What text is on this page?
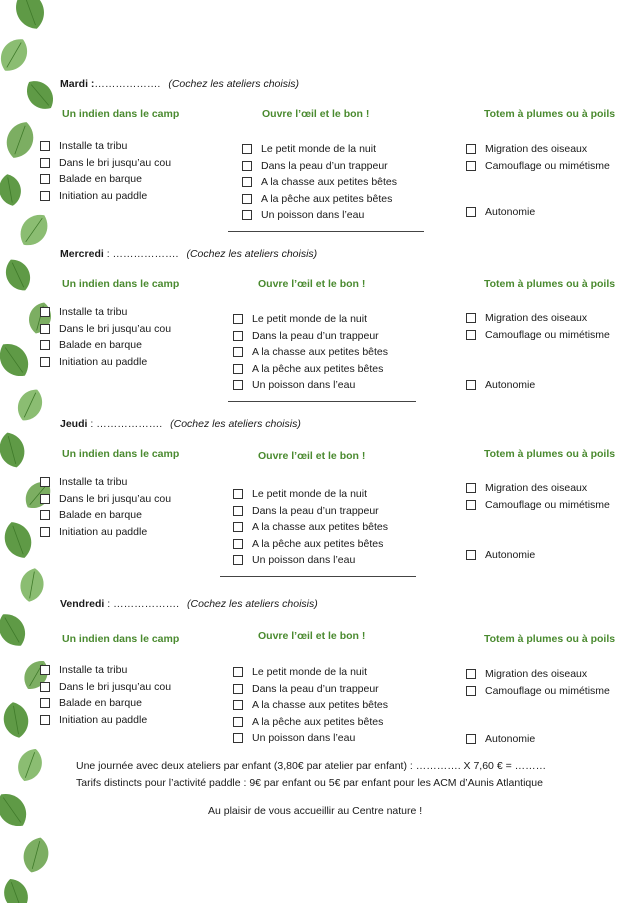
Mardi :………………. (Cochez les ateliers choisis)
Un indien dans le camp	Ouvre l’œil et le bon !	Totem à plumes ou à poils
Installe ta tribu
Dans le bri jusqu’au cou
Balade en barque
Initiation au paddle
Le petit monde de la nuit
Dans la peau d’un trappeur
A la chasse aux petites bêtes
A la pêche aux petites bêtes
Un poisson dans l’eau
Migration des oiseaux
Camouflage ou mimétisme
Autonomie
Mercredi : ………………. (Cochez les ateliers choisis)
Un indien dans le camp	Ouvre l’œil et le bon !	Totem à plumes ou à poils
Installe ta tribu
Dans le bri jusqu’au cou
Balade en barque
Initiation au paddle
Le petit monde de la nuit
Dans la peau d’un trappeur
A la chasse aux petites bêtes
A la pêche aux petites bêtes
Un poisson dans l’eau
Migration des oiseaux
Camouflage ou mimétisme
Autonomie
Jeudi : ………………. (Cochez les ateliers choisis)
Un indien dans le camp	Ouvre l’œil et le bon !	Totem à plumes ou à poils
Installe ta tribu
Dans le bri jusqu’au cou
Balade en barque
Initiation au paddle
Le petit monde de la nuit
Dans la peau d’un trappeur
A la chasse aux petites bêtes
A la pêche aux petites bêtes
Un poisson dans l’eau
Migration des oiseaux
Camouflage ou mimétisme
Autonomie
Vendredi : ………………. (Cochez les ateliers choisis)
Un indien dans le camp	Ouvre l’œil et le bon !	Totem à plumes ou à poils
Installe ta tribu
Dans le bri jusqu’au cou
Balade en barque
Initiation au paddle
Le petit monde de la nuit
Dans la peau d’un trappeur
A la chasse aux petites bêtes
A la pêche aux petites bêtes
Un poisson dans l’eau
Migration des oiseaux
Camouflage ou mimétisme
Autonomie
Une journée avec deux ateliers par enfant (3,80€ par atelier par enfant) : …………. X 7,60 € = ………
Tarifs distincts pour l’activité paddle : 9€ par enfant ou 5€ par enfant pour les ACM d’Aunis Atlantique
Au plaisir de vous accueillir au Centre nature !
